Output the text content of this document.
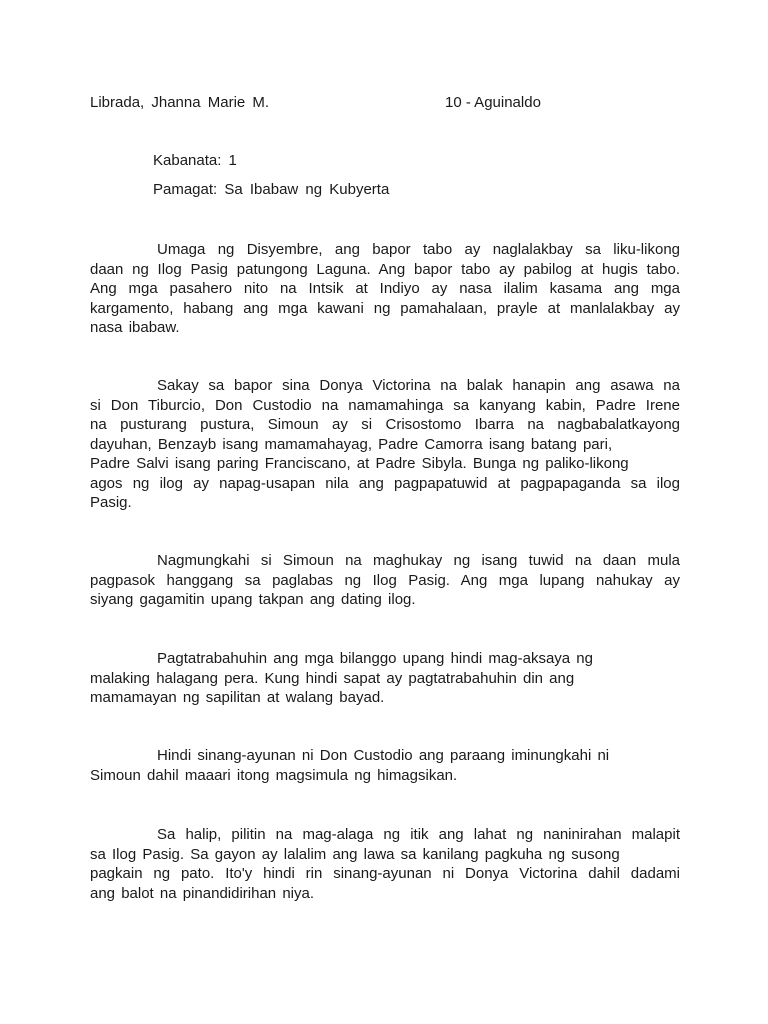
Librada, Jhanna Marie M.	10 - Aguinaldo
Kabanata: 1
Pamagat: Sa Ibabaw ng Kubyerta

Umaga ng Disyembre, ang bapor tabo ay naglalakbay sa liku-likong
daan ng Ilog Pasig patungong Laguna. Ang bapor tabo ay pabilog at hugis tabo.
Ang mga pasahero nito na Intsik at Indiyo ay nasa ilalim kasama ang mga
kargamento, habang ang mga kawani ng pamahalaan, prayle at manlalakbay ay
nasa ibabaw.

Sakay sa bapor sina Donya Victorina na balak hanapin ang asawa na
si Don Tiburcio, Don Custodio na namamahinga sa kanyang kabin, Padre Irene
na pusturang pustura, Simoun ay si Crisostomo Ibarra na nagbabalatkayong
dayuhan, Benzayb isang mamamahayag, Padre Camorra isang batang pari,
Padre Salvi isang paring Franciscano, at Padre Sibyla. Bunga ng paliko-likong
agos ng ilog ay napag-usapan nila ang pagpapatuwid at pagpapaganda sa ilog
Pasig.

Nagmungkahi si Simoun na maghukay ng isang tuwid na daan mula
pagpasok hanggang sa paglabas ng Ilog Pasig. Ang mga lupang nahukay ay
siyang gagamitin upang takpan ang dating ilog.

Pagtatrabahuhin ang mga bilanggo upang hindi mag-aksaya ng
malaking halagang pera. Kung hindi sapat ay pagtatrabahuhin din ang
mamamayan ng sapilitan at walang bayad.

Hindi sinang-ayunan ni Don Custodio ang paraang iminungkahi ni
Simoun dahil maaari itong magsimula ng himagsikan.

Sa halip, pilitin na mag-alaga ng itik ang lahat ng naninirahan malapit
sa Ilog Pasig. Sa gayon ay lalalim ang lawa sa kanilang pagkuha ng susong
pagkain ng pato. Ito'y hindi rin sinang-ayunan ni Donya Victorina dahil dadami
ang balot na pinandidirihan niya.
